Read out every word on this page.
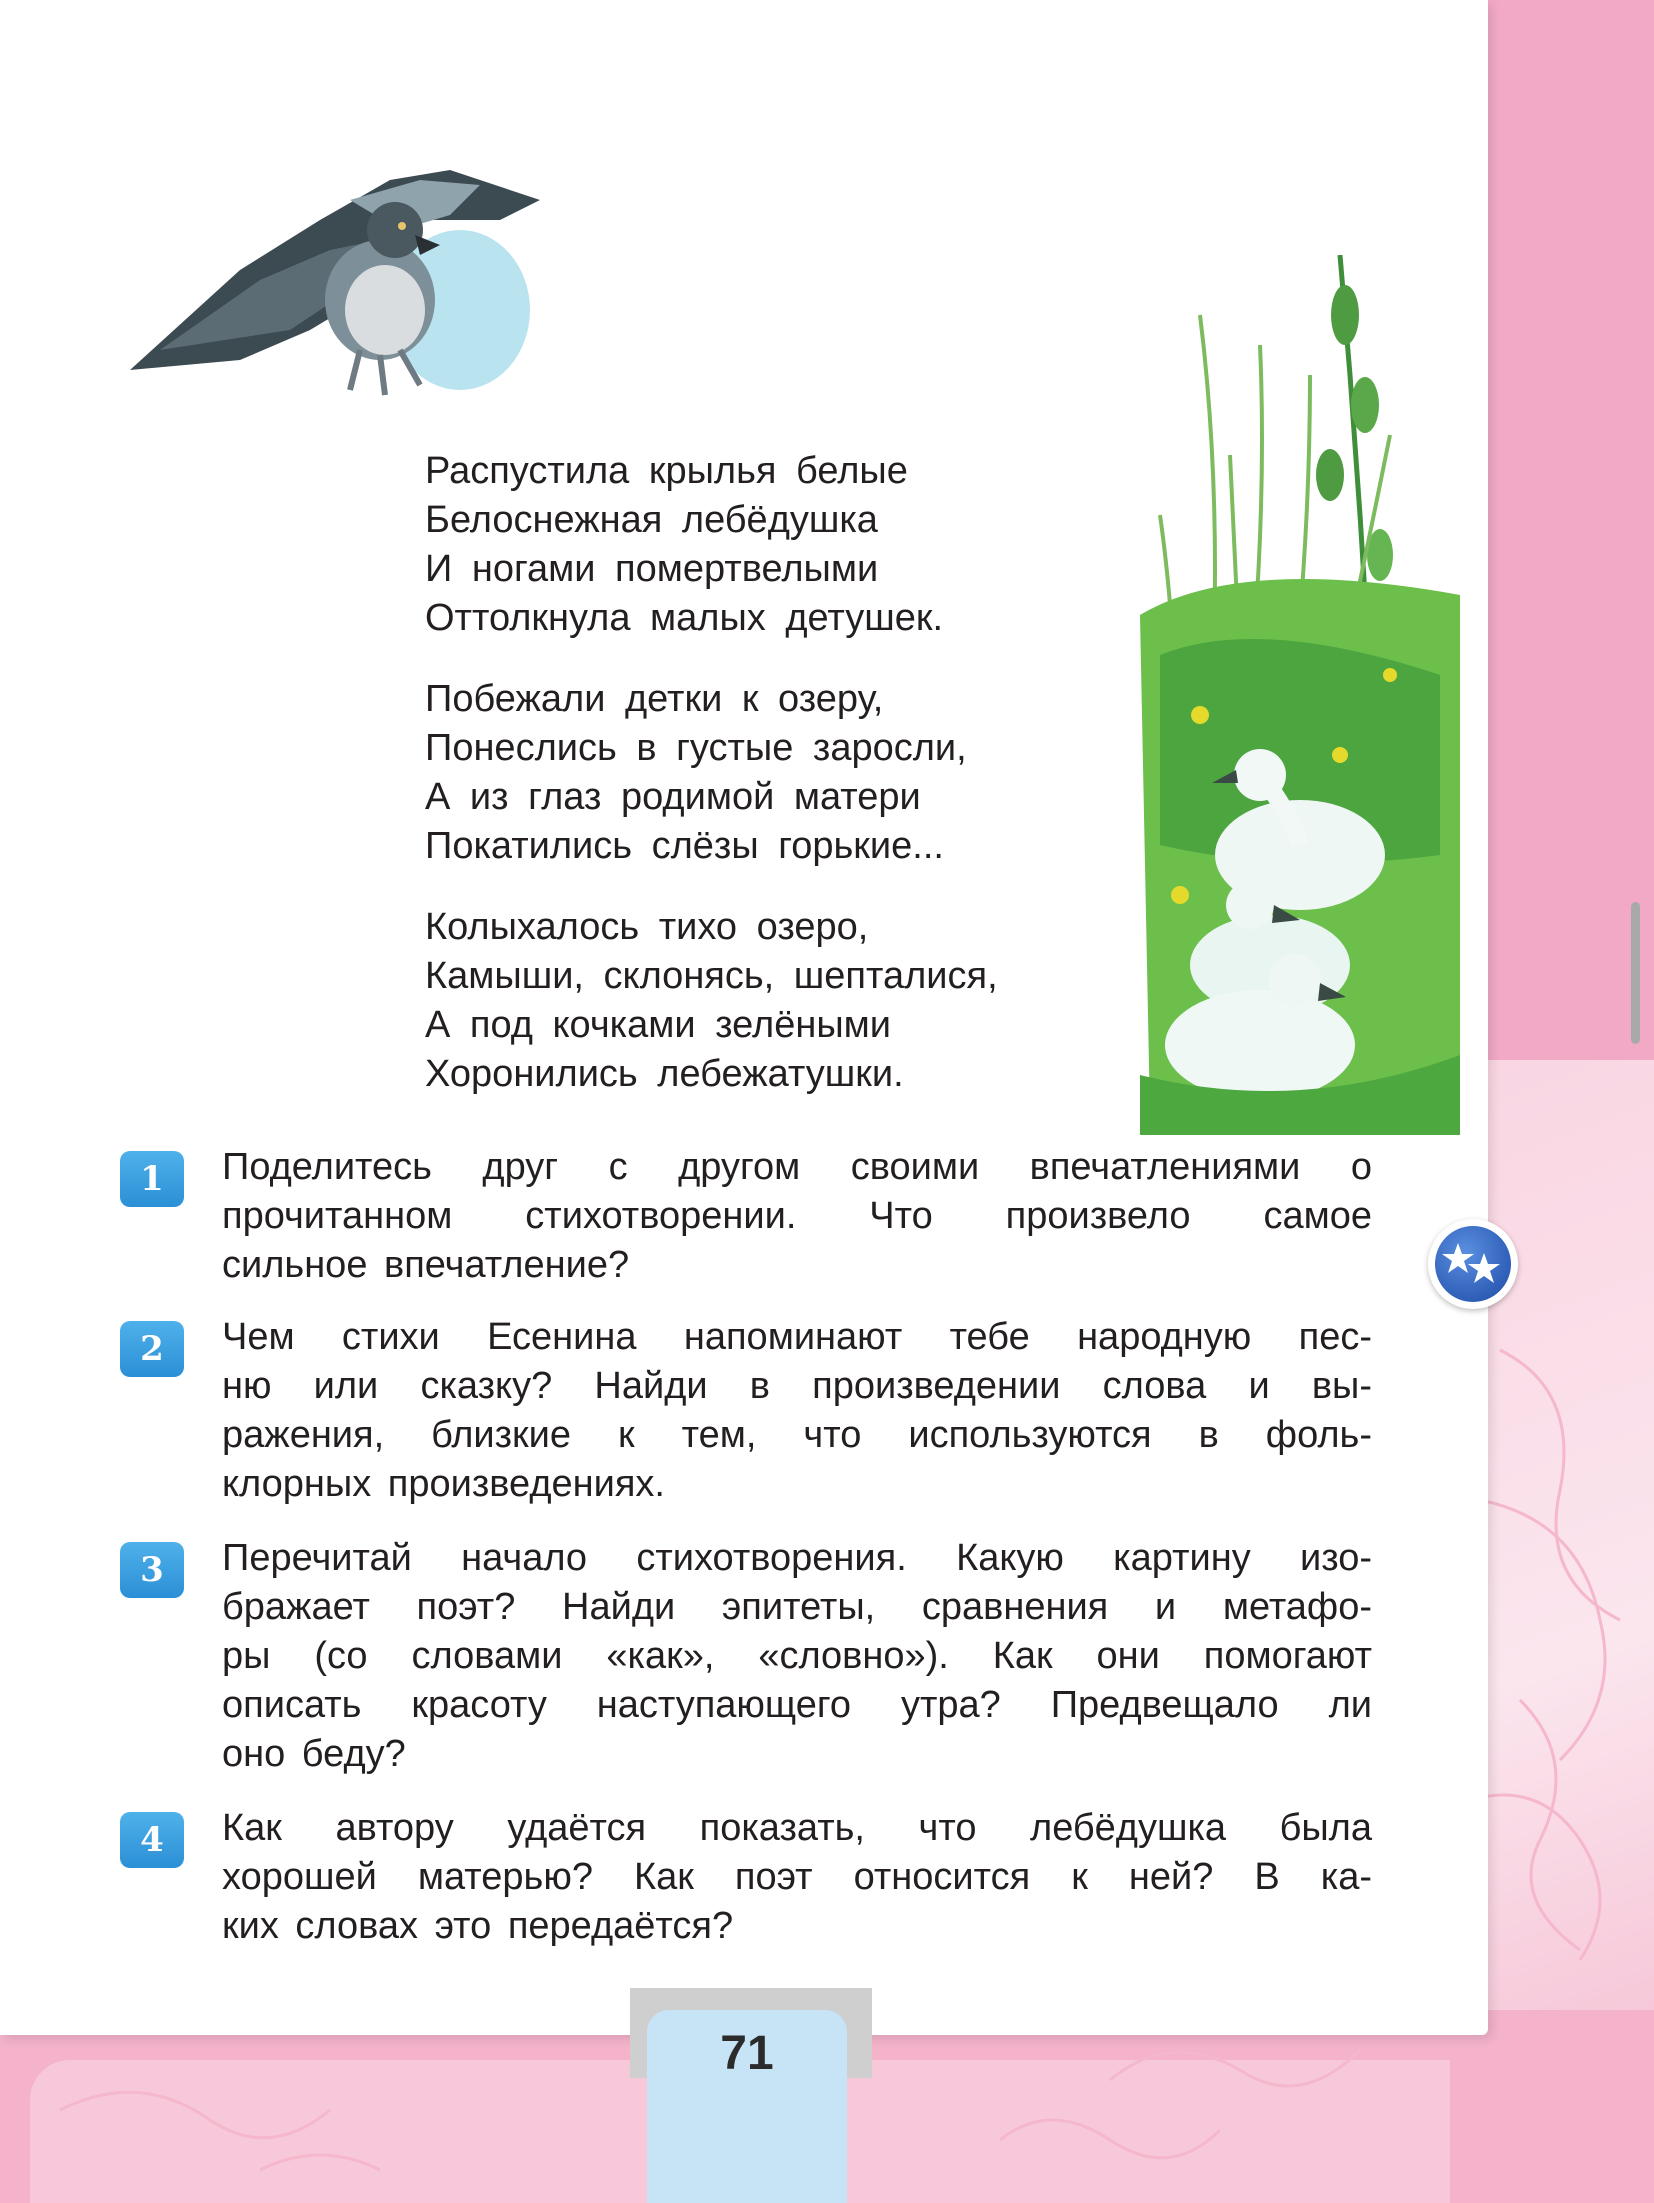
Распустила крылья белые
Белоснежная лебёдушка
И ногами помертвелыми
Оттолкнула малых детушек.
Побежали детки к озеру,
Понеслись в густые заросли,
А из глаз родимой матери
Покатились слёзы горькие...
Колыхалось тихо озеро,
Камыши, склонясь, шепталися,
А под кочками зелёными
Хоронились лебежатушки.
1	Поделитесь друг с другом своими впечатлениями о
прочитанном стихотворении. Что произвело самое
сильное впечатление?
2	Чем стихи Есенина напоминают тебе народную пес-
ню или сказку? Найди в произведении слова и вы-
ражения, близкие к тем, что используются в фоль-
клорных произведениях.
3	Перечитай начало стихотворения. Какую картину изо-
бражает поэт? Найди эпитеты, сравнения и метафо-
ры (со словами «как», «словно»). Как они помогают
описать красоту наступающего утра? Предвещало ли
оно беду?
4	Как автору удаётся показать, что лебёдушка была
хорошей матерью? Как поэт относится к ней? В ка-
ких словах это передаётся?
71
